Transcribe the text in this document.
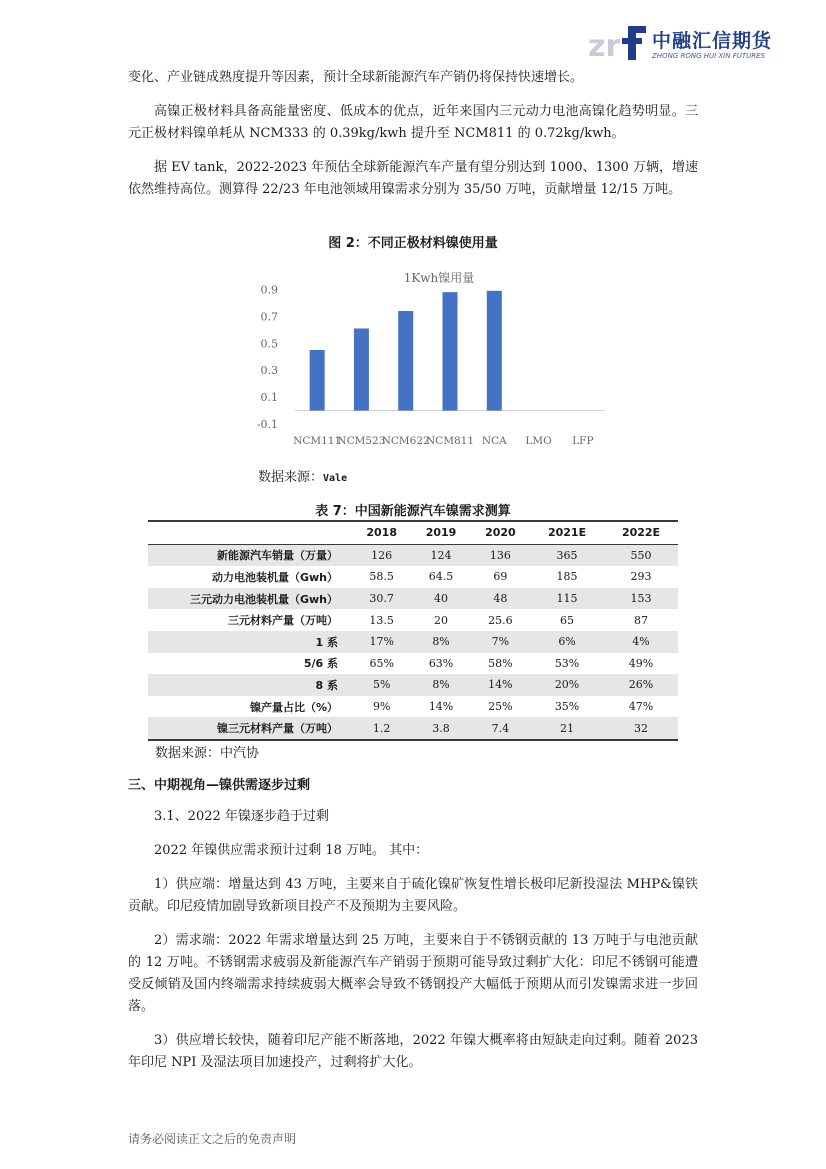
zr 中融汇信期货
ZHONG RONG HUI XIN FUTURES
变化、产业链成熟度提升等因素，预计全球新能源汽车产销仍将保持快速增长。
高镍正极材料具备高能量密度、低成本的优点，近年来国内三元动力电池高镍化趋势明显。三元正极材料镍单耗从 NCM333 的 0.39kg/kwh 提升至 NCM811 的 0.72kg/kwh。
据 EV tank，2022-2023 年预估全球新能源汽车产量有望分别达到 1000、1300 万辆，增速依然维持高位。测算得 22/23 年电池领域用镍需求分别为 35/50 万吨，贡献增量 12/15 万吨。
图 2：不同正极材料镍使用量
1Kwh镍用量
-0.1
0.1
0.3
0.5
0.7
0.9
NCM111
NCM523
NCM622
NCM811 NCA LMO LFP
数据来源：Vale
表 7：中国新能源汽车镍需求测算
	2018	2019	2020	2021E	2022E
新能源汽车销量（万量）	126	124	136	365	550
动力电池装机量（Gwh）	58.5	64.5	69	185	293
三元动力电池装机量（Gwh）	30.7	40	48	115	153
三元材料产量（万吨）	13.5	20	25.6	65	87
1 系	17%	8%	7%	6%	4%
5/6 系	65%	63%	58%	53%	49%
8 系	5%	8%	14%	20%	26%
镍产量占比（%）	9%	14%	25%	35%	47%
镍三元材料产量（万吨）	1.2	3.8	7.4	21	32
数据来源：中汽协
三、中期视角—镍供需逐步过剩
3.1、2022 年镍逐步趋于过剩
2022 年镍供应需求预计过剩 18 万吨。 其中：
1）供应端：增量达到 43 万吨，主要来自于硫化镍矿恢复性增长极印尼新投湿法 MHP&镍铁贡献。印尼疫情加剧导致新项目投产不及预期为主要风险。
2）需求端：2022 年需求增量达到 25 万吨，主要来自于不锈钢贡献的 13 万吨于与电池贡献的 12 万吨。不锈钢需求疲弱及新能源汽车产销弱于预期可能导致过剩扩大化：印尼不锈钢可能遭受反倾销及国内终端需求持续疲弱大概率会导致不锈钢投产大幅低于预期从而引发镍需求进一步回落。
3）供应增长较快，随着印尼产能不断落地，2022 年镍大概率将由短缺走向过剩。随着 2023 年印尼 NPI 及湿法项目加速投产，过剩将扩大化。
请务必阅读正文之后的免责声明
